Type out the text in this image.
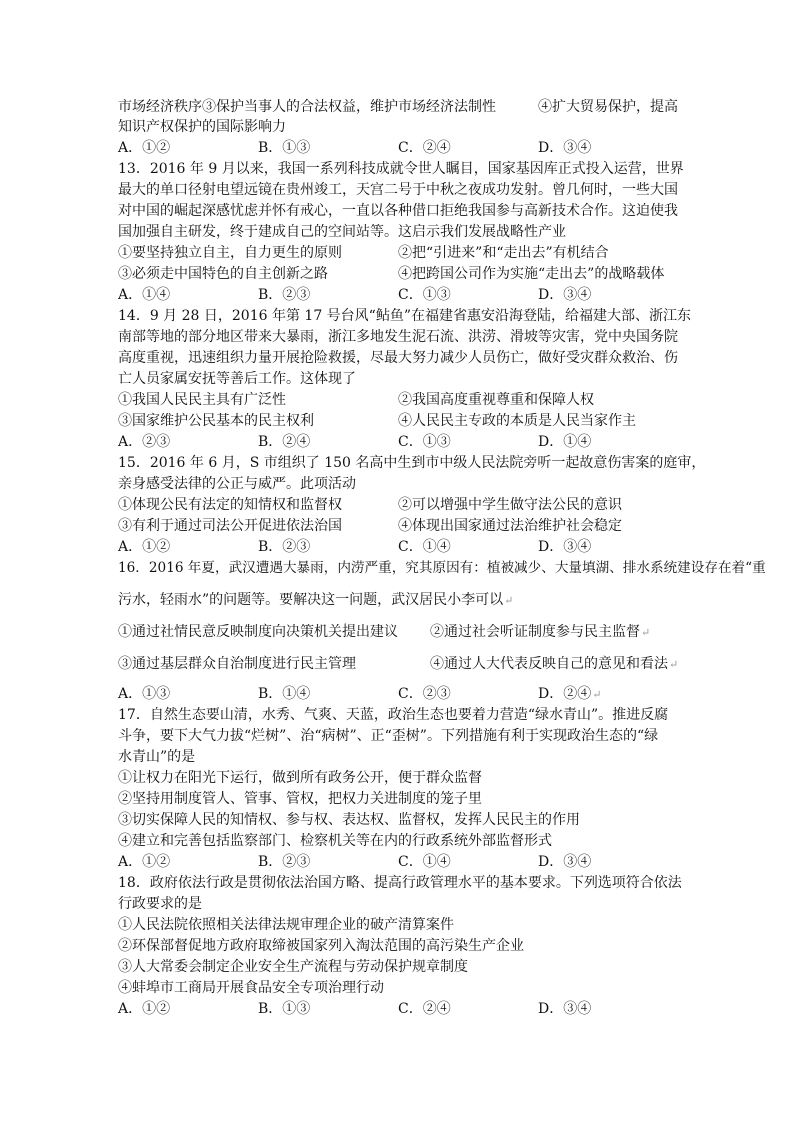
市场经济秩序③保护当事人的合法权益，维护市场经济法制性	④扩大贸易保护，提高
知识产权保护的国际影响力
A．①②	B．①③	C．②④	D．③④
13．2016 年 9 月以来，我国一系列科技成就令世人瞩目，国家基因库正式投入运营，世界
最大的单口径射电望远镜在贵州竣工，天宫二号于中秋之夜成功发射。曾几何时，一些大国
对中国的崛起深感忧虑并怀有戒心，一直以各种借口拒绝我国参与高新技术合作。这迫使我
国加强自主研发，终于建成自己的空间站等。这启示我们发展战略性产业
①要坚持独立自主，自力更生的原则	②把“引进来”和“走出去”有机结合
③必须走中国特色的自主创新之路	④把跨国公司作为实施“走出去”的战略载体
A．①④	B．②③	C．①③	D．③④
14．9 月 28 日，2016 年第 17 号台风“鲇鱼”在福建省惠安沿海登陆，给福建大部、浙江东
南部等地的部分地区带来大暴雨，浙江多地发生泥石流、洪涝、滑坡等灾害，党中央国务院
高度重视，迅速组织力量开展抢险救援，尽最大努力减少人员伤亡，做好受灾群众救治、伤
亡人员家属安抚等善后工作。这体现了
①我国人民民主具有广泛性	②我国高度重视尊重和保障人权
③国家维护公民基本的民主权利	④人民民主专政的本质是人民当家作主
A．②③	B．②④	C．①③	D．①④
15．2016 年 6 月，S 市组织了 150 名高中生到市中级人民法院旁听一起故意伤害案的庭审，
亲身感受法律的公正与威严。此项活动
①体现公民有法定的知情权和监督权	②可以增强中学生做守法公民的意识
③有利于通过司法公开促进依法治国	④体现出国家通过法治维护社会稳定
A．①②	B．②③	C．①④	D．③④
16．2016 年夏，武汉遭遇大暴雨，内涝严重，究其原因有：植被减少、大量填湖、排水系统建设存在着“重
污水，轻雨水”的问题等。要解决这一问题，武汉居民小李可以↵
①通过社情民意反映制度向决策机关提出建议 ②通过社会听证制度参与民主监督↵
③通过基层群众自治制度进行民主管理	④通过人大代表反映自己的意见和看法↵
A．①③	B．①④	C．②③	D．②④↵
17．自然生态要山清，水秀、气爽、天蓝，政治生态也要着力营造“绿水青山”。推进反腐
斗争，要下大气力拔“烂树”、治“病树”、正“歪树”。下列措施有利于实现政治生态的“绿
水青山”的是
①让权力在阳光下运行，做到所有政务公开，便于群众监督
②坚持用制度管人、管事、管权，把权力关进制度的笼子里
③切实保障人民的知情权、参与权、表达权、监督权，发挥人民民主的作用
④建立和完善包括监察部门、检察机关等在内的行政系统外部监督形式
A．①②	B．②③	C．①④	D．③④
18．政府依法行政是贯彻依法治国方略、提高行政管理水平的基本要求。下列选项符合依法
行政要求的是
①人民法院依照相关法律法规审理企业的破产清算案件
②环保部督促地方政府取缔被国家列入淘汰范围的高污染生产企业
③人大常委会制定企业安全生产流程与劳动保护规章制度
④蚌埠市工商局开展食品安全专项治理行动
A．①②	B．①③	C．②④	D．③④
